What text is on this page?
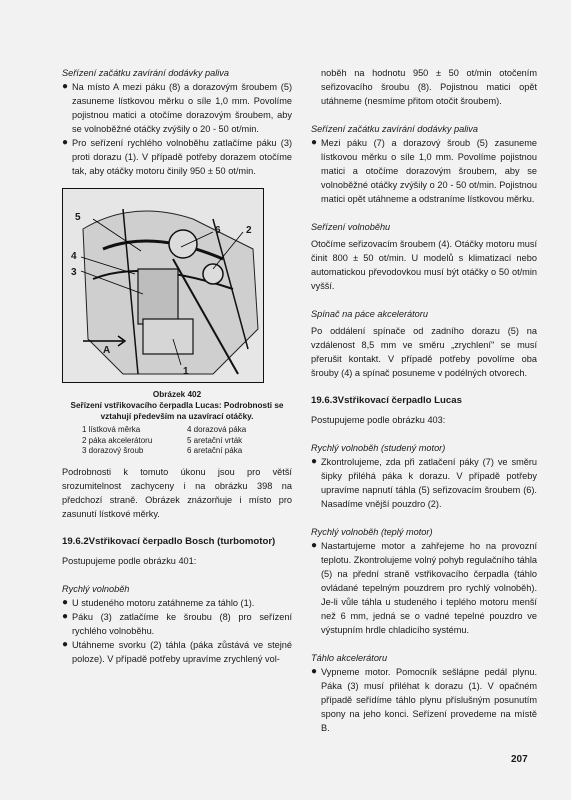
Seřízení začátku zavírání dodávky paliva

● Na místo A mezi páku (8) a dorazovým šroubem (5) zasuneme lístkovou měrku o síle 1,0 mm. Povolíme pojistnou matici a otočíme dorazovým šroubem, aby se volnoběžné otáčky zvýšily o 20 - 50 ot/min.
● Pro seřízení rychlého volnoběhu zatlačíme páku (3) proti dorazu (1). V případě potřeby dorazem otočíme tak, aby otáčky motoru činily 950 ± 50 ot/min.
5
4
3
6	2
A
1
Obrázek 402
Seřízení vstřikovacího čerpadla Lucas: Podrobnosti se vztahují především na uzavírací otáčky.
1 lístková měrka	4 dorazová páka
2 páka akcelerátoru	5 aretační vrták
3 dorazový šroub	6 aretační páka

Podrobnosti k tomuto úkonu jsou pro větší srozumitelnost zachyceny i na obrázku 398 na předchozí straně. Obrázek znázorňuje i místo pro zasunutí lístkové měrky.

19.6.2Vstřikovací čerpadlo Bosch (turbomotor)

Postupujeme podle obrázku 401:

Rychlý volnoběh

● U studeného motoru zatáhneme za táhlo (1).
● Páku (3) zatlačíme ke šroubu (8) pro seřízení rychlého volnoběhu.
● Utáhneme svorku (2) táhla (páka zůstává ve stejné poloze). V případě potřeby upravíme zrychlený vol-

noběh na hodnotu 950 ± 50 ot/min otočením seřizovacího šroubu (8). Pojistnou matici opět utáhneme (nesmíme přitom otočit šroubem).

Seřízení začátku zavírání dodávky paliva

● Mezi páku (7) a dorazový šroub (5) zasuneme lístkovou měrku o síle 1,0 mm. Povolíme pojistnou matici a otočíme dorazovým šroubem, aby se volnoběžné otáčky zvýšily o 20 - 50 ot/min. Pojistnou matici opět utáhneme a odstraníme lístkovou měrku.

Seřízení volnoběhu

Otočíme seřizovacím šroubem (4). Otáčky motoru musí činit 800 ± 50 ot/min. U modelů s klimatizací nebo automatickou převodovkou musí být otáčky o 50 ot/min vyšší.

Spínač na páce akcelerátoru

Po oddálení spínače od zadního dorazu (5) na vzdálenost 8,5 mm ve směru „zrychlení" se musí přerušit kontakt. V případě potřeby povolíme oba šrouby (4) a spínač posuneme v podélných otvorech.

19.6.3Vstřikovací čerpadlo Lucas

Postupujeme podle obrázku 403:

Rychlý volnoběh (studený motor)

● Zkontrolujeme, zda při zatlačení páky (7) ve směru šipky přiléhá páka k dorazu. V případě potřeby upravíme napnutí táhla (5) seřizovacím šroubem (6). Nasadíme vnější pouzdro (2).

Rychlý volnoběh (teplý motor)

● Nastartujeme motor a zahřejeme ho na provozní teplotu. Zkontrolujeme volný pohyb regulačního táhla (5) na přední straně vstřikovacího čerpadla (táhlo ovládané tepelným pouzdrem pro rychlý volnoběh). Je-li vůle táhla u studeného i teplého motoru menší než 6 mm, jedná se o vadné tepelné pouzdro ve výstupním hrdle chladicího systému.

Táhlo akcelerátoru

● Vypneme motor. Pomocník sešlápne pedál plynu. Páka (3) musí přiléhat k dorazu (1). V opačném případě seřídíme táhlo plynu příslušným posunutím spony na jeho konci. Seřízení provedeme na místě B.
207
